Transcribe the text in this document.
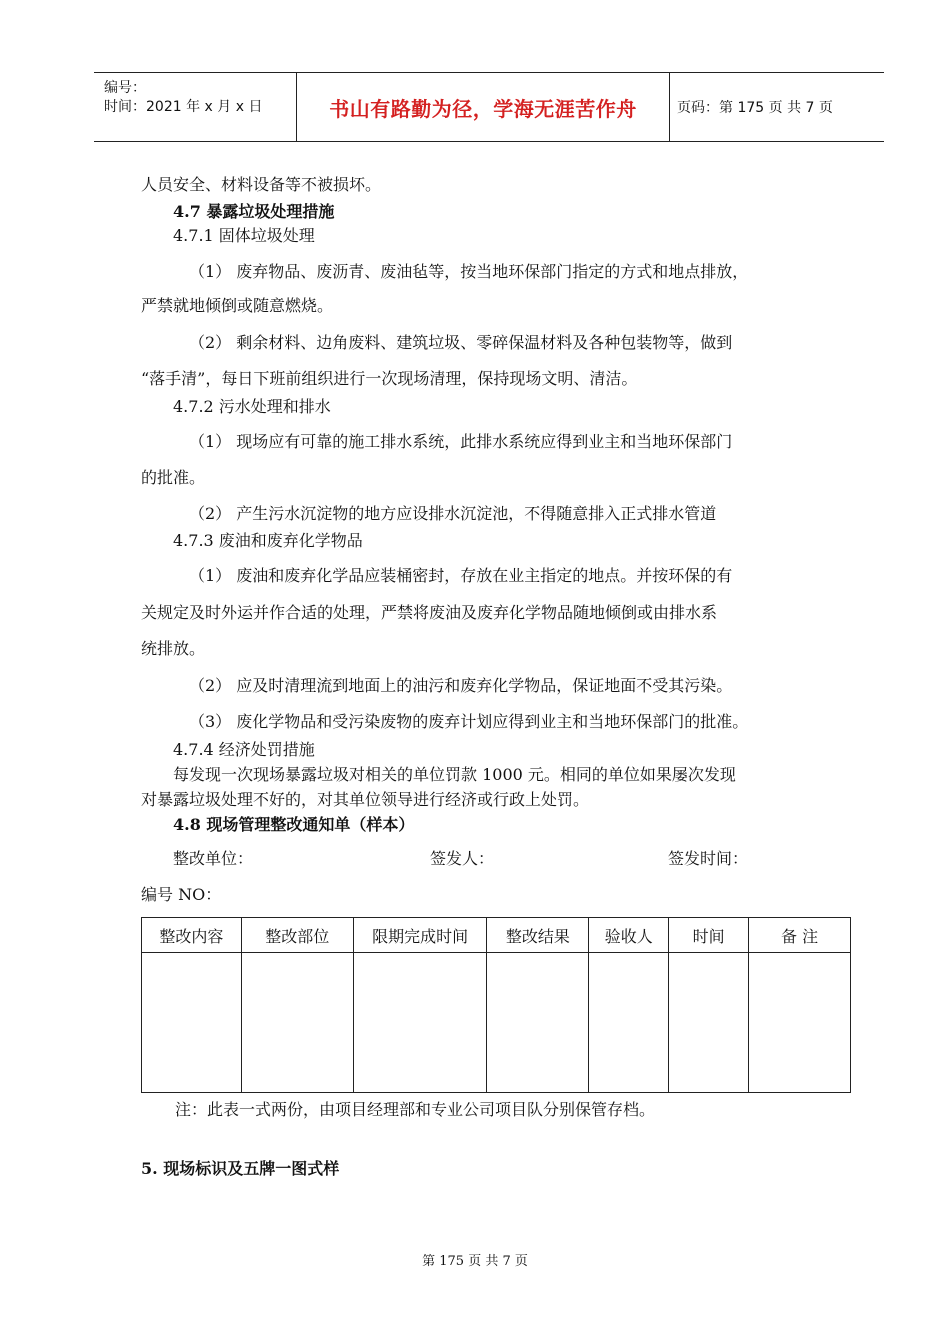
编号：
时间：2021 年 x 月 x 日	书山有路勤为径，学海无涯苦作舟	页码：第 175 页 共 7 页
人员安全、材料设备等不被损坏。
4.7 暴露垃圾处理措施
4.7.1 固体垃圾处理
（1） 废弃物品、废沥青、废油毡等，按当地环保部门指定的方式和地点排放，
严禁就地倾倒或随意燃烧。
（2） 剩余材料、边角废料、建筑垃圾、零碎保温材料及各种包装物等，做到
“落手清”，每日下班前组织进行一次现场清理，保持现场文明、清洁。
4.7.2 污水处理和排水
（1） 现场应有可靠的施工排水系统，此排水系统应得到业主和当地环保部门
的批准。
（2） 产生污水沉淀物的地方应设排水沉淀池，不得随意排入正式排水管道
4.7.3 废油和废弃化学物品
（1） 废油和废弃化学品应装桶密封，存放在业主指定的地点。并按环保的有
关规定及时外运并作合适的处理，严禁将废油及废弃化学物品随地倾倒或由排水系
统排放。
（2） 应及时清理流到地面上的油污和废弃化学物品，保证地面不受其污染。
（3） 废化学物品和受污染废物的废弃计划应得到业主和当地环保部门的批准。
4.7.4 经济处罚措施
每发现一次现场暴露垃圾对相关的单位罚款 1000 元。相同的单位如果屡次发现
对暴露垃圾处理不好的，对其单位领导进行经济或行政上处罚。
4.8 现场管理整改通知单（样本）
整改单位：	签发人：	签发时间：
编号 NO：
整改内容	整改部位	限期完成时间	整改结果	验收人	时间	备 注

注：此表一式两份，由项目经理部和专业公司项目队分别保管存档。
5. 现场标识及五牌一图式样
第 175 页 共 7 页
